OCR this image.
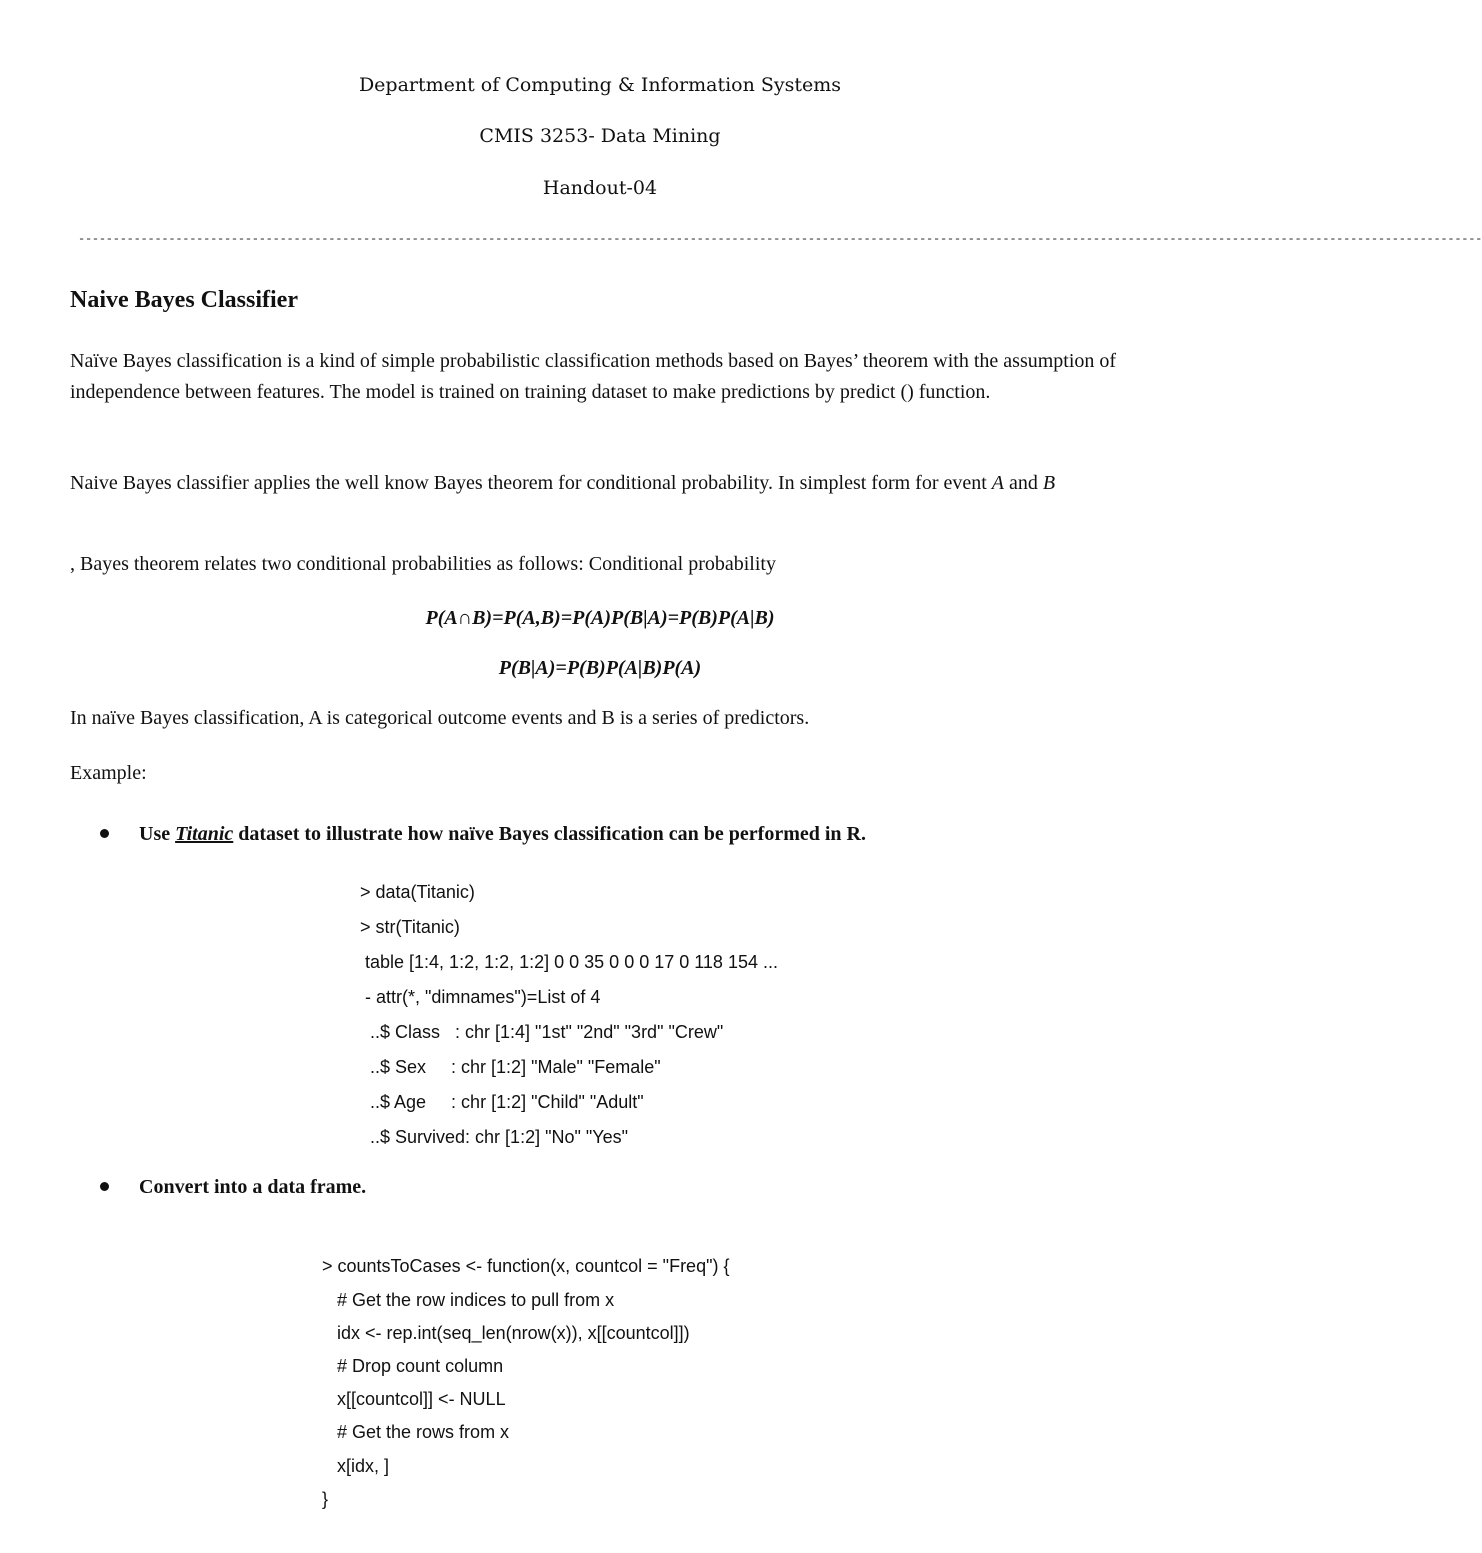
Department of Computing & Information Systems

CMIS 3253- Data Mining

Handout-04

----------------------------------------------------------------------------------------------------------------------------------------------------------------------------------------------------------

Naive Bayes Classifier

Naïve Bayes classification is a kind of simple probabilistic classification methods based on Bayes’ theorem with the assumption of independence between features. The model is trained on training dataset to make predictions by predict () function.

Naive Bayes classifier applies the well know Bayes theorem for conditional probability. In simplest form for event A and B

, Bayes theorem relates two conditional probabilities as follows: Conditional probability

P(A∩B)=P(A,B)=P(A)P(B|A)=P(B)P(A|B)

P(B|A)=P(B)P(A|B)P(A)

In naïve Bayes classification, A is categorical outcome events and B is a series of predictors.

Example:

Use Titanic dataset to illustrate how naïve Bayes classification can be performed in R.

> data(Titanic)

> str(Titanic)

table [1:4, 1:2, 1:2, 1:2] 0 0 35 0 0 0 17 0 118 154 ...

- attr(*, "dimnames")=List of 4

..$ Class   : chr [1:4] "1st" "2nd" "3rd" "Crew"

..$ Sex     : chr [1:2] "Male" "Female"

..$ Age     : chr [1:2] "Child" "Adult"

..$ Survived: chr [1:2] "No" "Yes"

Convert into a data frame.

> countsToCases <- function(x, countcol = "Freq") {

# Get the row indices to pull from x

idx <- rep.int(seq_len(nrow(x)), x[[countcol]])

# Drop count column

x[[countcol]] <- NULL

# Get the rows from x

x[idx, ]

}
